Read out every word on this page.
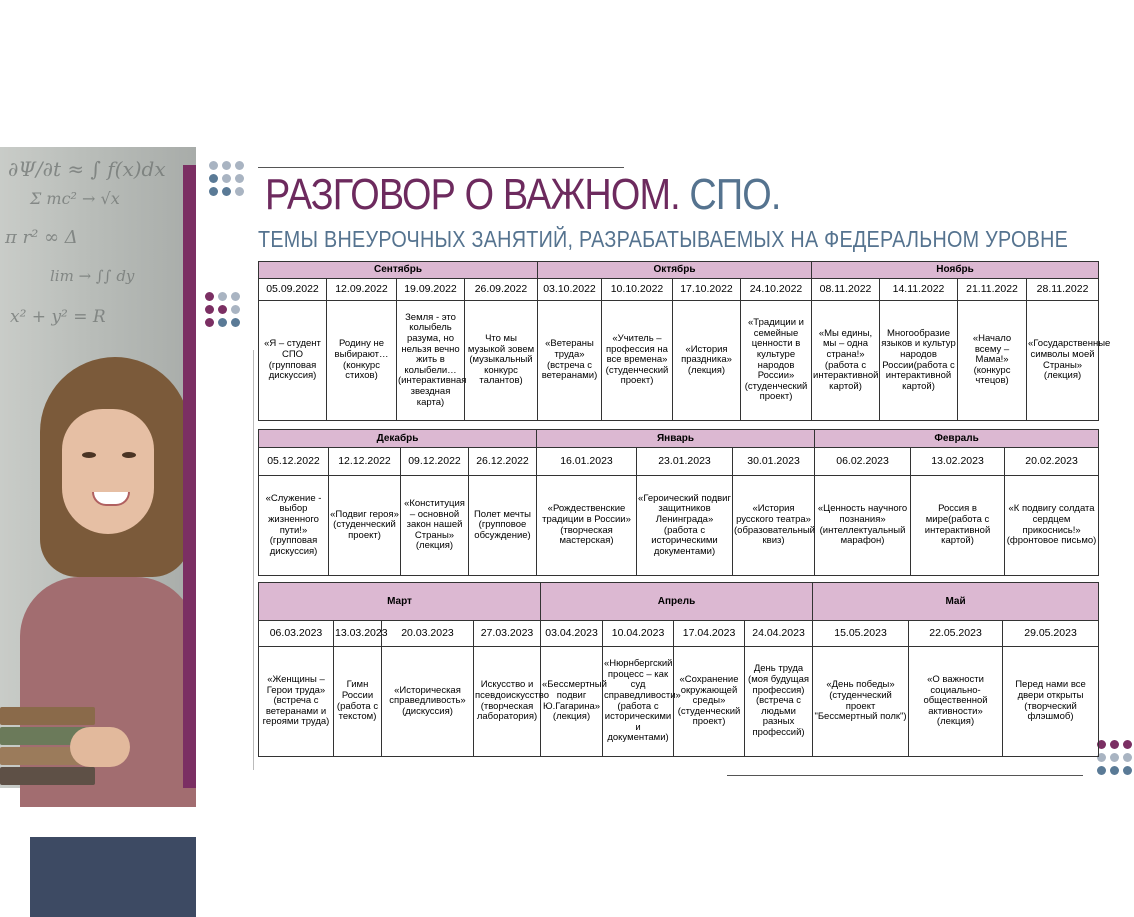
∂Ψ/∂t ≈ ∫ f(x)dx
Σ mc² → √x
π r² ∞ Δ
lim → ∫∫ dy
x² + y² = R
РАЗГОВОР О ВАЖНОМ. СПО.
ТЕМЫ ВНЕУРОЧНЫХ ЗАНЯТИЙ, РАЗРАБАТЫВАЕМЫХ НА ФЕДЕРАЛЬНОМ УРОВНЕ
Сентябрь				Октябрь				Ноябрь			
05.09.2022	12.09.2022	19.09.2022	26.09.2022	03.10.2022	10.10.2022	17.10.2022	24.10.2022	08.11.2022	14.11.2022	21.11.2022	28.11.2022
«Я – студент СПО (групповая дискуссия)	Родину не выбирают… (конкурс стихов)	Земля - это колыбель разума, но нельзя вечно жить в колыбели… (интерактивная звездная карта)	Что мы музыкой зовем (музыкальный конкурс талантов)	«Ветераны труда» (встреча с ветеранами)	«Учитель – профессия на все времена» (студенческий проект)	«История праздника» (лекция)	«Традиции и семейные ценности в культуре народов России» (студенческий проект)	«Мы едины, мы – одна страна!» (работа с интерактивной картой)	Многообразие языков и культур народов России(работа с интерактивной картой)	«Начало всему – Мама!» (конкурс чтецов)	«Государственные символы моей Страны» (лекция)
Декабрь				Январь			Февраль		
05.12.2022	12.12.2022	09.12.2022	26.12.2022	16.01.2023	23.01.2023	30.01.2023	06.02.2023	13.02.2023	20.02.2023
«Служение - выбор жизненного пути!» (групповая дискуссия)	«Подвиг героя» (студенческий проект)	«Конституция – основной закон нашей Страны» (лекция)	Полет мечты (групповое обсуждение)	«Рождественские традиции в России» (творческая мастерская)	«Героический подвиг защитников Ленинграда» (работа с историческими документами)	«История русского театра» (образовательный квиз)	«Ценность научного познания» (интеллектуальный марафон)	Россия в мире(работа с интерактивной картой)	«К подвигу солдата сердцем прикоснись!» (фронтовое письмо)
Март				Апрель				Май		
06.03.2023	13.03.2023	20.03.2023	27.03.2023	03.04.2023	10.04.2023	17.04.2023	24.04.2023	15.05.2023	22.05.2023	29.05.2023
«Женщины – Герои труда» (встреча с ветеранами и героями труда)	Гимн России (работа с текстом)	«Историческая справедливость» (дискуссия)	Искусство и псевдоискусство (творческая лаборатория)	«Бессмертный подвиг Ю.Гагарина» (лекция)	«Нюрнбергский процесс – как суд справедливости» (работа с историческими и документами)	«Сохранение окружающей среды» (студенческий проект)	День труда (моя будущая профессия) (встреча с людьми разных профессий)	«День победы» (студенческий проект "Бессмертный полк")	«О важности социально-общественной активности» (лекция)	Перед нами все двери открыты (творческий флэшмоб)
